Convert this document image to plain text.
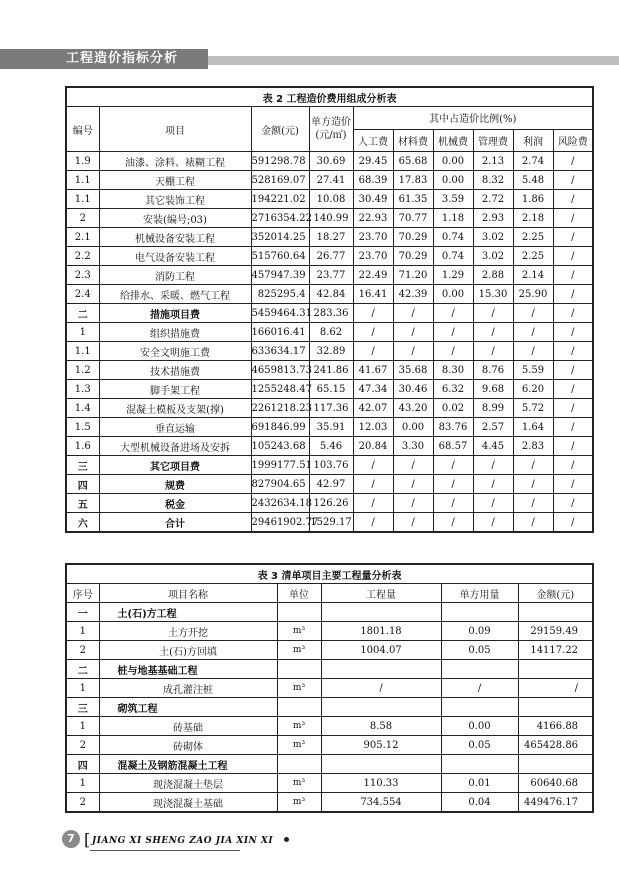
工程造价指标分析
表 2 工程造价费用组成分析表									
编号	项目	金额(元)	单方造价(元/㎡)	其中占造价比例(%)					
				人工费	材料费	机械费	管理费	利润	风险费
1.9	油漆、涂料、裱糊工程	591298.78	30.69	29.45	65.68	0.00	2.13	2.74	/
1.1	天棚工程	528169.07	27.41	68.39	17.83	0.00	8.32	5.48	/
1.1	其它装饰工程	194221.02	10.08	30.49	61.35	3.59	2.72	1.86	/
2	安装(编号;03)	2716354.22	140.99	22.93	70.77	1.18	2.93	2.18	/
2.1	机械设备安装工程	352014.25	18.27	23.70	70.29	0.74	3.02	2.25	/
2.2	电气设备安装工程	515760.64	26.77	23.70	70.29	0.74	3.02	2.25	/
2.3	消防工程	457947.39	23.77	22.49	71.20	1.29	2.88	2.14	/
2.4	给排水、采暖、燃气工程	825295.4	42.84	16.41	42.39	0.00	15.30	25.90	/
二	措施项目费	5459464.31	283.36	/	/	/	/	/	/
1	组织措施费	166016.41	8.62	/	/	/	/	/	/
1.1	安全文明施工费	633634.17	32.89	/	/	/	/	/	/
1.2	技术措施费	4659813.73	241.86	41.67	35.68	8.30	8.76	5.59	/
1.3	脚手架工程	1255248.47	65.15	47.34	30.46	6.32	9.68	6.20	/
1.4	混凝土模板及支架(撑)	2261218.23	117.36	42.07	43.20	0.02	8.99	5.72	/
1.5	垂直运输	691846.99	35.91	12.03	0.00	83.76	2.57	1.64	/
1.6	大型机械设备进场及安拆	105243.68	5.46	20.84	3.30	68.57	4.45	2.83	/
三	其它项目费	1999177.51	103.76	/	/	/	/	/	/
四	规费	827904.65	42.97	/	/	/	/	/	/
五	税金	2432634.18	126.26	/	/	/	/	/	/
六	合计	29461902.77	1529.17	/	/	/	/	/	/
表 3 清单项目主要工程量分析表					
序号	项目名称	单位	工程量	单方用量	金额(元)
一	土(石)方工程				
1	土方开挖	m³	1801.18	0.09	29159.49
2	土(石)方回填	m³	1004.07	0.05	14117.22
二	桩与地基基础工程				
1	成孔灌注桩	m³	/	/	/
三	砌筑工程				
1	砖基础	m³	8.58	0.00	4166.88
2	砖砌体	m³	905.12	0.05	465428.86
四	混凝土及钢筋混凝土工程				
1	现浇混凝土垫层	m³	110.33	0.01	60640.68
2	现浇混凝土基础	m³	734.554	0.04	449476.17
7 [ JIANG XI SHENG ZAO JIA XIN XI
